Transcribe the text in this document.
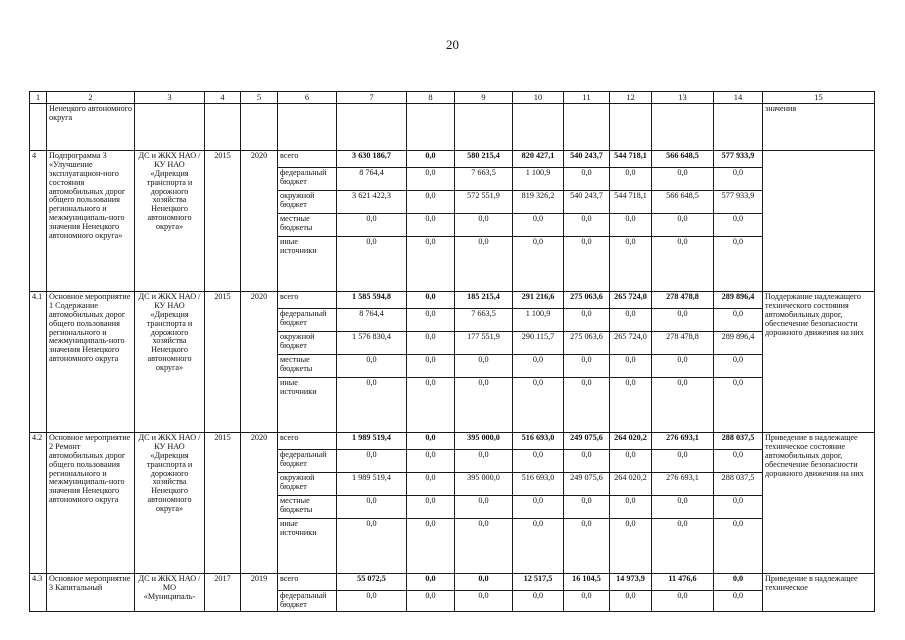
20
1	2	3	4	5	6	7	8	9	10	11	12	13	14	15
	Ненецкого автономного округа													значения
4	Подпрограмма 3 «Улучшение эксплуатацион-ного состояния автомобильных дорог общего пользования регионального и межмуниципаль-ного значения Ненецкого автономного округа»	ДС и ЖКХ НАО / КУ НАО «Дирекция транспорта и дорожного хозяйства Ненецкого автономного округа»	2015	2020	всего	3 630 186,7	0,0	580 215,4	820 427,1	540 243,7	544 718,1	566 648,5	577 933,9	
					федеральный бюджет	8 764,4	0,0	7 663,5	1 100,9	0,0	0,0	0,0	0,0	
					окружной бюджет	3 621 422,3	0,0	572 551,9	819 326,2	540 243,7	544 718,1	566 648,5	577 933,9	
					местные бюджеты	0,0	0,0	0,0	0,0	0,0	0,0	0,0	0,0	
					иные источники	0,0	0,0	0,0	0,0	0,0	0,0	0,0	0,0	
4.1	Основное мероприятие 1 Содержание автомобильных дорог общего пользования регионального и межмуниципаль-ного значения Ненецкого автономного округа	ДС и ЖКХ НАО / КУ НАО «Дирекция транспорта и дорожного хозяйства Ненецкого автономного округа»	2015	2020	всего	1 585 594,8	0,0	185 215,4	291 216,6	275 063,6	265 724,0	278 478,8	289 896,4	Поддержание надлежащего технического состояния автомобильных дорог, обеспечение безопасности дорожного движения на них
					федеральный бюджет	8 764,4	0,0	7 663,5	1 100,9	0,0	0,0	0,0	0,0	
					окружной бюджет	1 576 830,4	0,0	177 551,9	290 115,7	275 063,6	265 724,0	278 478,8	289 896,4	
					местные бюджеты	0,0	0,0	0,0	0,0	0,0	0,0	0,0	0,0	
					иные источники	0,0	0,0	0,0	0,0	0,0	0,0	0,0	0,0	
4.2	Основное мероприятие 2 Ремонт автомобильных дорог общего пользования регионального и межмуниципаль-ного значения Ненецкого автономного округа	ДС и ЖКХ НАО / КУ НАО «Дирекция транспорта и дорожного хозяйства Ненецкого автономного округа»	2015	2020	всего	1 989 519,4	0,0	395 000,0	516 693,0	249 075,6	264 020,2	276 693,1	288 037,5	Приведение в надлежащее техническое состояние автомобильных дорог, обеспечение безопасности дорожного движения на них
					федеральный бюджет	0,0	0,0	0,0	0,0	0,0	0,0	0,0	0,0	
					окружной бюджет	1 989 519,4	0,0	395 000,0	516 693,0	249 075,6	264 020,2	276 693,1	288 037,5	
					местные бюджеты	0,0	0,0	0,0	0,0	0,0	0,0	0,0	0,0	
					иные источники	0,0	0,0	0,0	0,0	0,0	0,0	0,0	0,0	
4.3	Основное мероприятие 3 Капитальный	ДС и ЖКХ НАО / МО «Муниципаль-	2017	2019	всего	55 072,5	0,0	0,0	12 517,5	16 104,5	14 973,9	11 476,6	0,0	Приведение в надлежащее техническое
					федеральный бюджет	0,0	0,0	0,0	0,0	0,0	0,0	0,0	0,0	
